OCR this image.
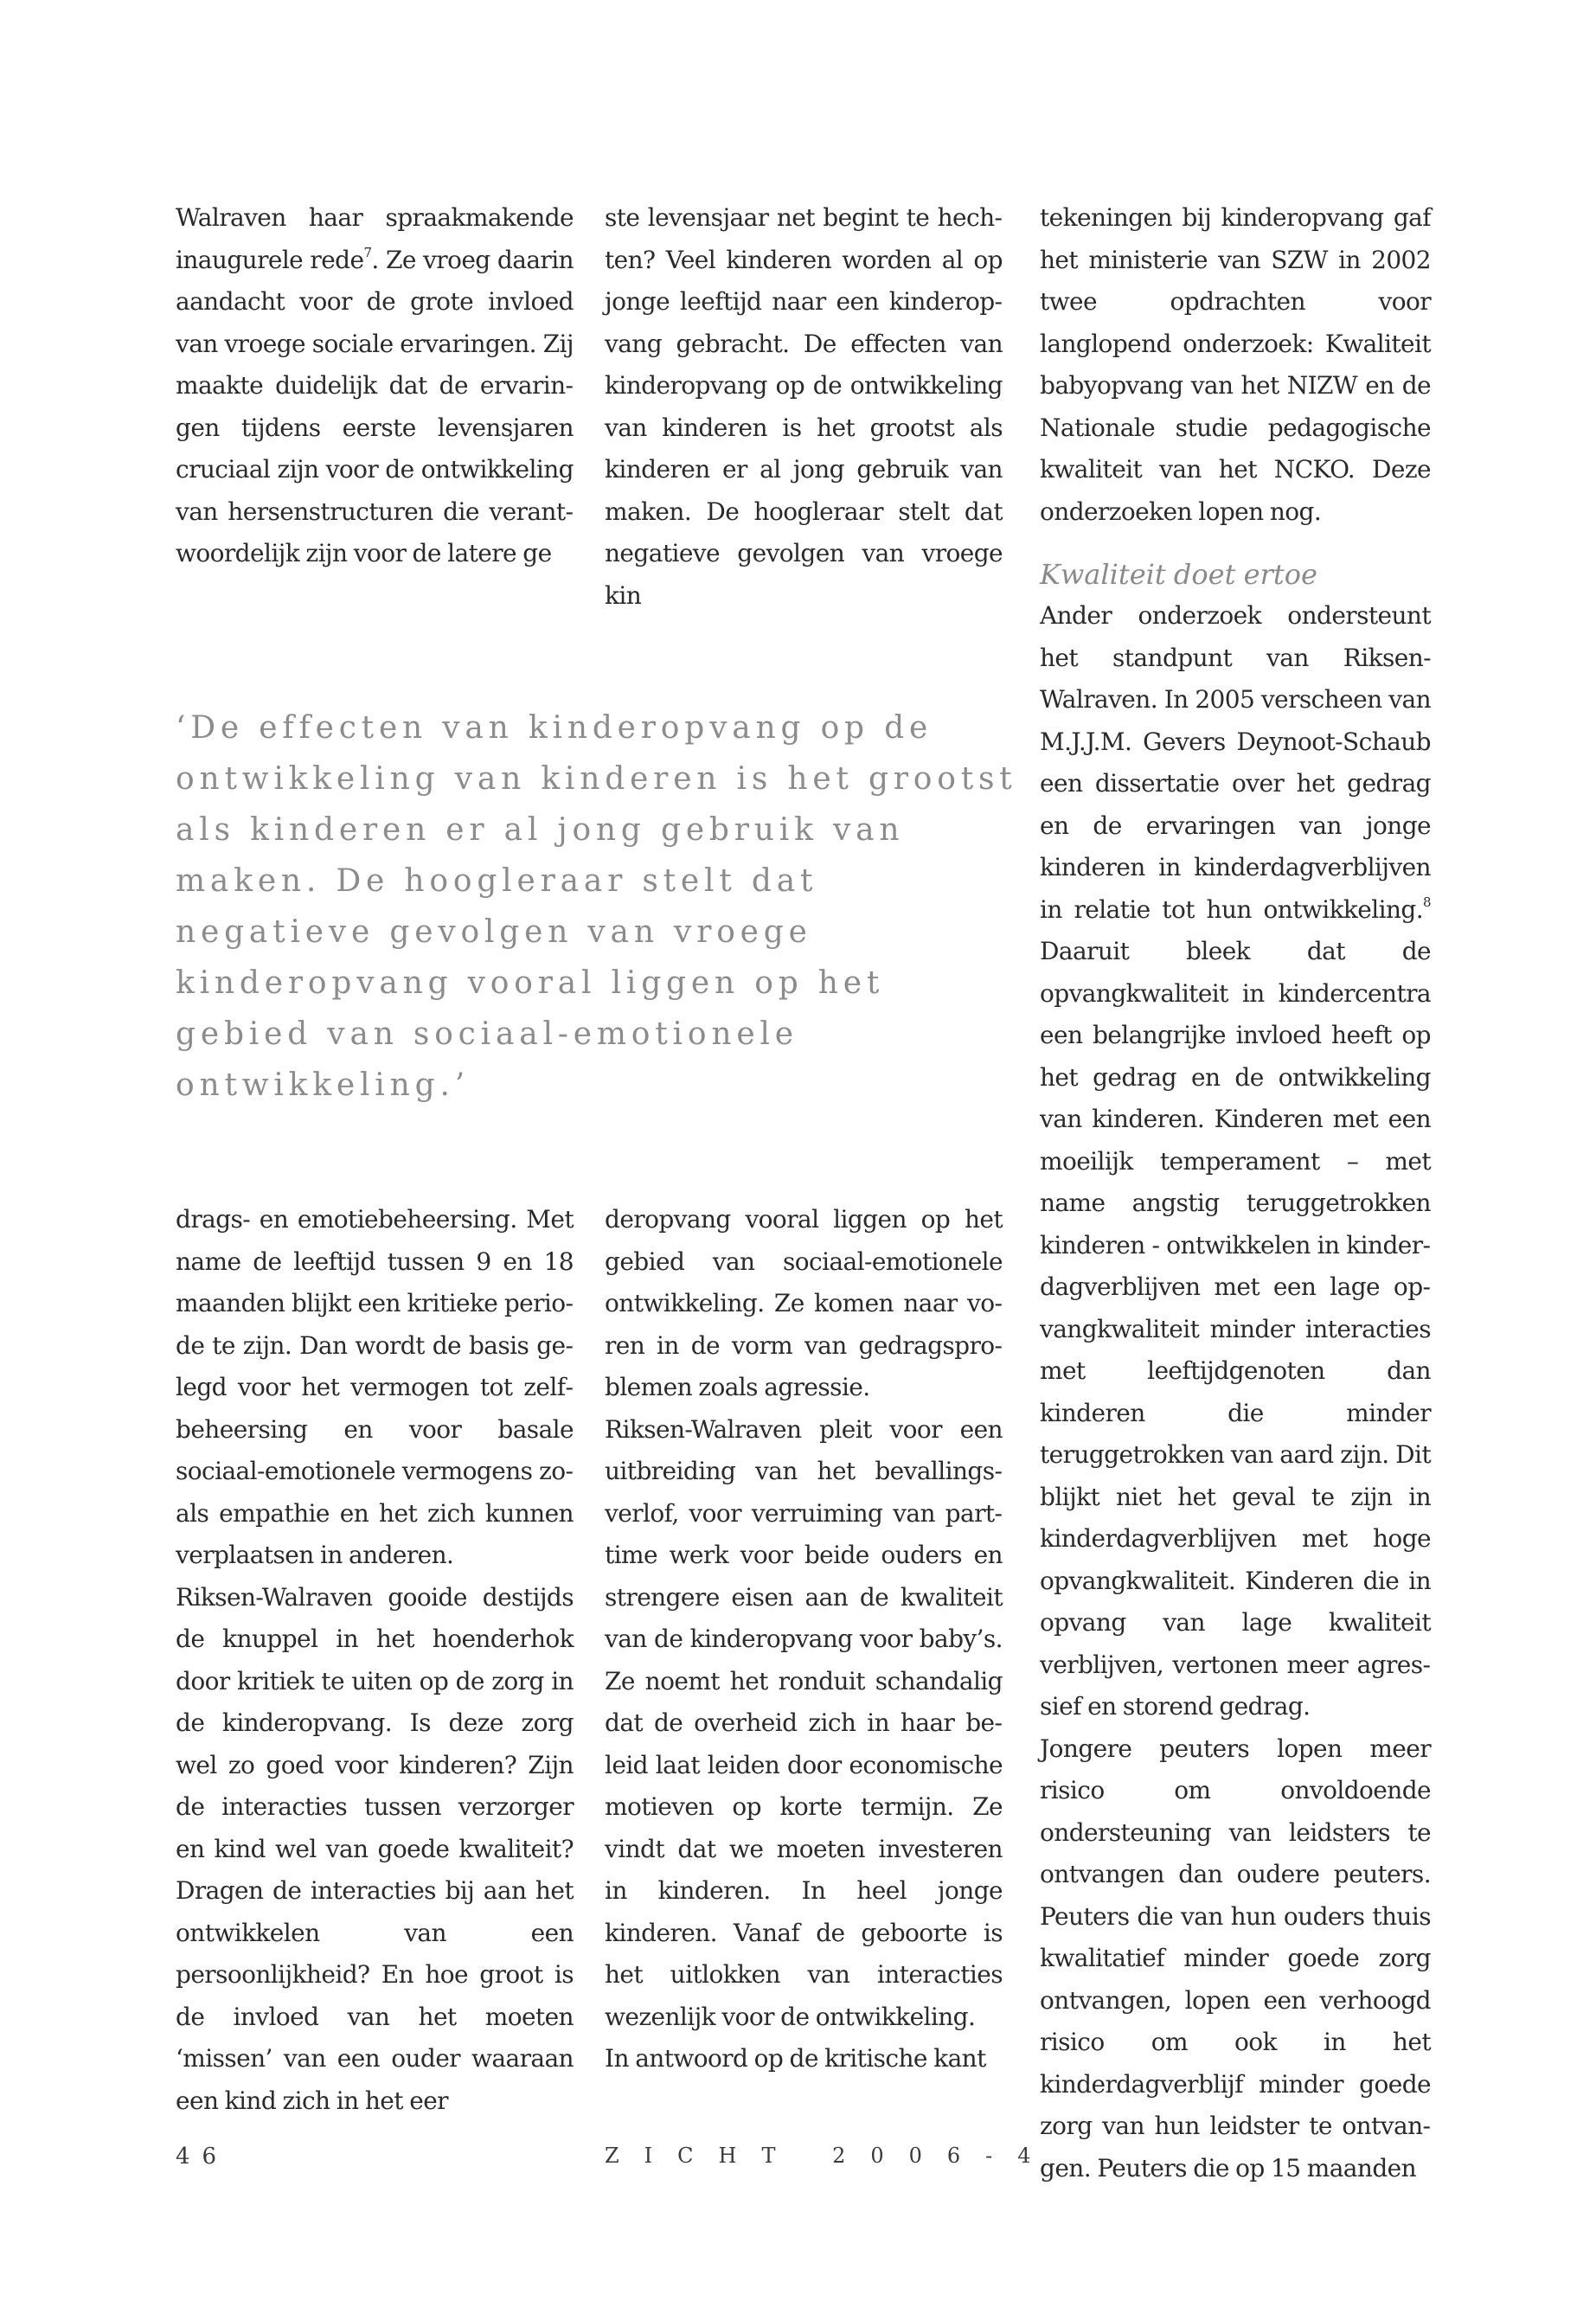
Walraven haar spraakmakende inaugurele rede$^7$. Ze vroeg daarin aandacht voor de grote invloed van vroege sociale ervaringen. Zij maakte duidelijk dat de ervaringen tijdens eerste levensjaren cruciaal zijn voor de ontwikkeling van hersenstructuren die verantwoordelijk zijn voor de latere ge

ste levensjaar net begint te hechten? Veel kinderen worden al op jonge leeftijd naar een kinderopvang gebracht. De effecten van kinderopvang op de ontwikkeling van kinderen is het grootst als kinderen er al jong gebruik van maken. De hoogleraar stelt dat negatieve gevolgen van vroege kin

tekeningen bij kinderopvang gaf het ministerie van SZW in 2002 twee opdrachten voor langlopend onderzoek: Kwaliteit babyopvang van het NIZW en de Nationale studie pedagogische kwaliteit van het NCKO. Deze onderzoeken lopen nog.

Kwaliteit doet ertoe

Ander onderzoek ondersteunt het standpunt van Riksen-Walraven. In 2005 verscheen van M.J.J.M. Gevers Deynoot-Schaub een dissertatie over het gedrag en de ervaringen van jonge kinderen in kinderdagverblijven in relatie tot hun ontwikkeling.$^8$ Daaruit bleek dat de opvangkwaliteit in kindercentra een belangrijke invloed heeft op het gedrag en de ontwikkeling van kinderen. Kinderen met een moeilijk temperament – met name angstig teruggetrokken kinderen - ontwikkelen in kinderdagverblijven met een lage opvangkwaliteit minder interacties met leeftijdgenoten dan kinderen die minder teruggetrokken van aard zijn. Dit blijkt niet het geval te zijn in kinderdagverblijven met hoge opvangkwaliteit. Kinderen die in opvang van lage kwaliteit verblijven, vertonen meer agressief en storend gedrag.

Jongere peuters lopen meer risico om onvoldoende ondersteuning van leidsters te ontvangen dan oudere peuters. Peuters die van hun ouders thuis kwalitatief minder goede zorg ontvangen, lopen een verhoogd risico om ook in het kinderdagverblijf minder goede zorg van hun leidster te ontvangen. Peuters die op 15 maanden

‘De effecten van kinderopvang op de ontwikkeling van kinderen is het grootst als kinderen er al jong gebruik van maken. De hoogleraar stelt dat negatieve gevolgen van vroege kinderopvang vooral liggen op het gebied van sociaal-emotionele ontwikkeling.’

drags- en emotiebeheersing. Met name de leeftijd tussen 9 en 18 maanden blijkt een kritieke periode te zijn. Dan wordt de basis gelegd voor het vermogen tot zelfbeheersing en voor basale sociaal-emotionele vermogens zoals empathie en het zich kunnen verplaatsen in anderen.

Riksen-Walraven gooide destijds de knuppel in het hoenderhok door kritiek te uiten op de zorg in de kinderopvang. Is deze zorg wel zo goed voor kinderen? Zijn de interacties tussen verzorger en kind wel van goede kwaliteit? Dragen de interacties bij aan het ontwikkelen van een persoonlijkheid? En hoe groot is de invloed van het moeten ‘missen’ van een ouder waaraan een kind zich in het eer

deropvang vooral liggen op het gebied van sociaal-emotionele ontwikkeling. Ze komen naar voren in de vorm van gedragsproblemen zoals agressie.

Riksen-Walraven pleit voor een uitbreiding van het bevallingsverlof, voor verruiming van parttime werk voor beide ouders en strengere eisen aan de kwaliteit van de kinderopvang voor baby’s. Ze noemt het ronduit schandalig dat de overheid zich in haar beleid laat leiden door economische motieven op korte termijn. Ze vindt dat we moeten investeren in kinderen. In heel jonge kinderen. Vanaf de geboorte is het uitlokken van interacties wezenlijk voor de ontwikkeling.

In antwoord op de kritische kant

46	ZICHT 2006-4
